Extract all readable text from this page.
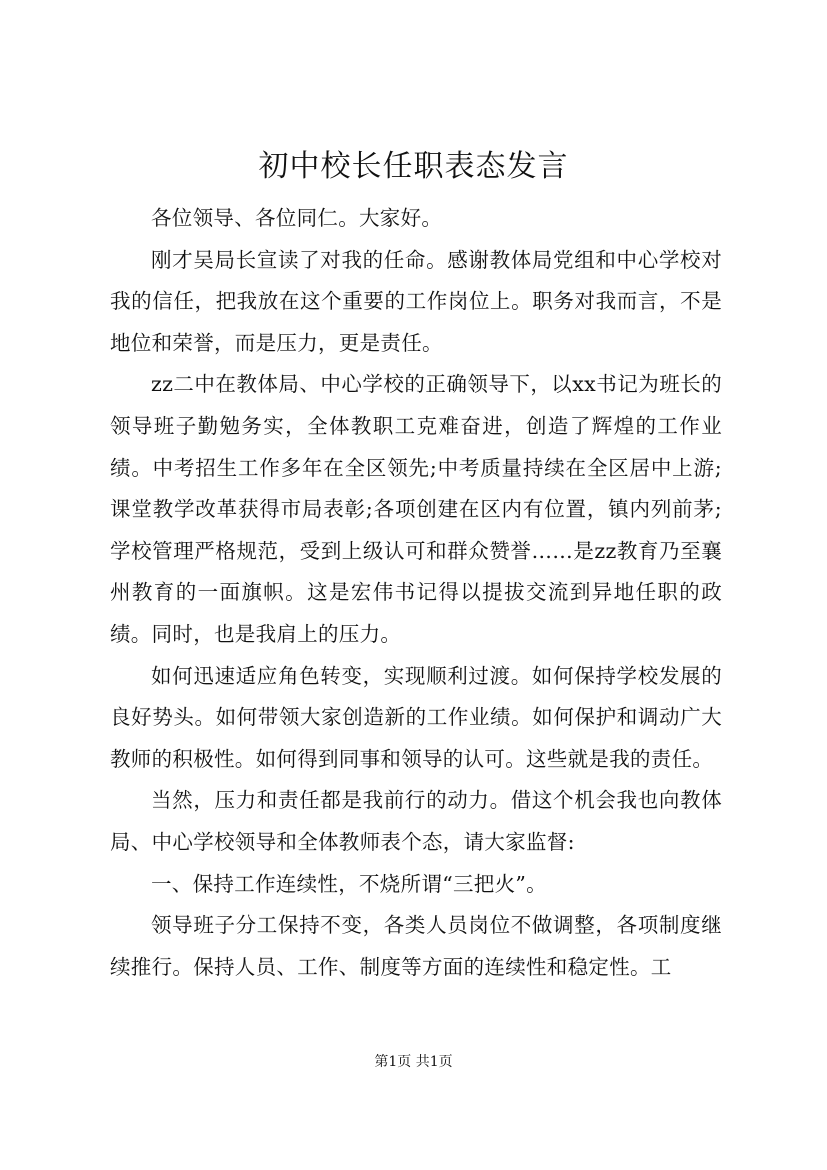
初中校长任职表态发言

各位领导、各位同仁。大家好。

刚才吴局长宣读了对我的任命。感谢教体局党组和中心学校对我的信任，把我放在这个重要的工作岗位上。职务对我而言，不是地位和荣誉，而是压力，更是责任。

zz二中在教体局、中心学校的正确领导下，以xx书记为班长的领导班子勤勉务实，全体教职工克难奋进，创造了辉煌的工作业绩。中考招生工作多年在全区领先;中考质量持续在全区居中上游;课堂教学改革获得市局表彰;各项创建在区内有位置，镇内列前茅;学校管理严格规范，受到上级认可和群众赞誉……是zz教育乃至襄州教育的一面旗帜。这是宏伟书记得以提拔交流到异地任职的政绩。同时，也是我肩上的压力。

如何迅速适应角色转变，实现顺利过渡。如何保持学校发展的良好势头。如何带领大家创造新的工作业绩。如何保护和调动广大教师的积极性。如何得到同事和领导的认可。这些就是我的责任。

当然，压力和责任都是我前行的动力。借这个机会我也向教体局、中心学校领导和全体教师表个态，请大家监督:

一、保持工作连续性，不烧所谓“三把火”。

领导班子分工保持不变，各类人员岗位不做调整，各项制度继续推行。保持人员、工作、制度等方面的连续性和稳定性。工

第1页 共1页
